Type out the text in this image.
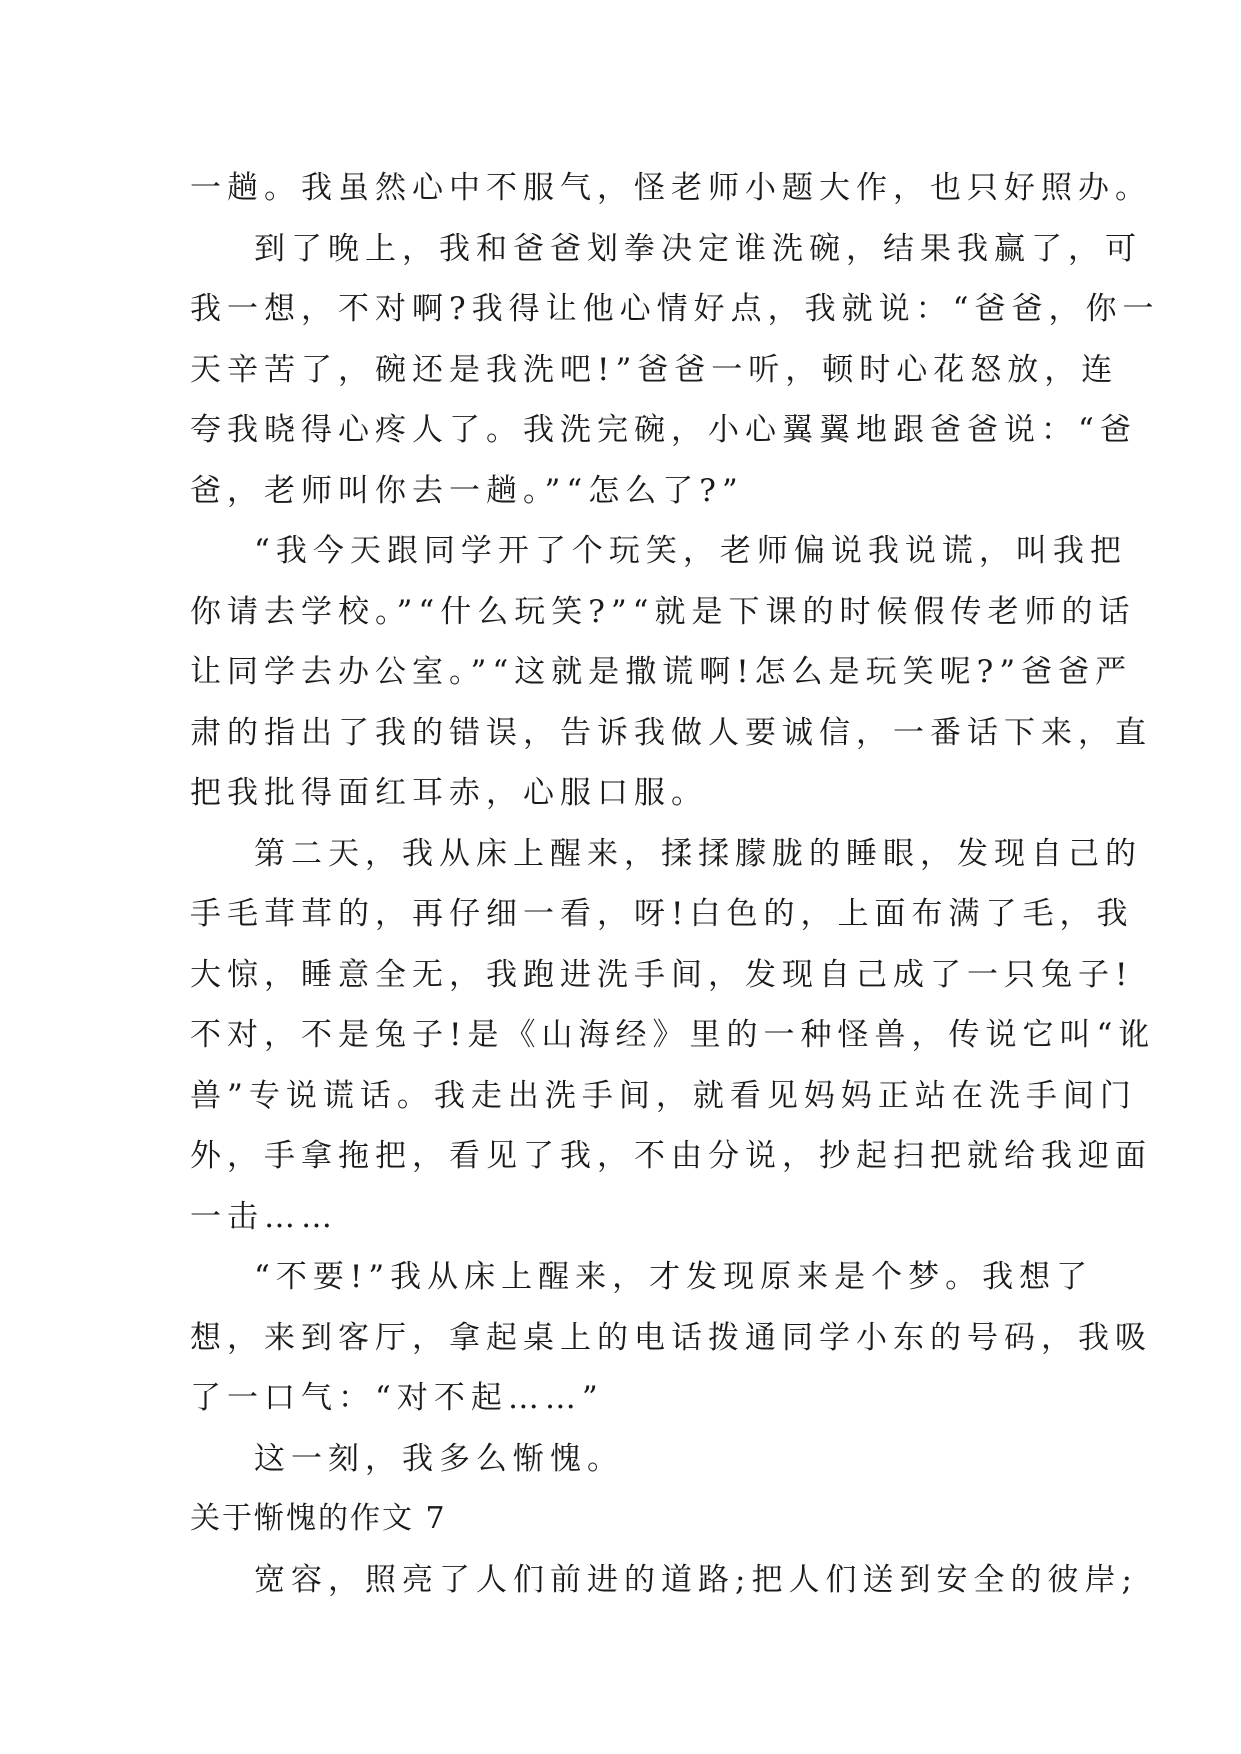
一趟。我虽然心中不服气，怪老师小题大作，也只好照办。
到了晚上，我和爸爸划拳决定谁洗碗，结果我赢了，可
我一想，不对啊?我得让他心情好点，我就说：“爸爸，你一
天辛苦了，碗还是我洗吧!”爸爸一听，顿时心花怒放，连
夸我晓得心疼人了。我洗完碗，小心翼翼地跟爸爸说：“爸
爸，老师叫你去一趟。”“怎么了?”
“我今天跟同学开了个玩笑，老师偏说我说谎，叫我把
你请去学校。”“什么玩笑?”“就是下课的时候假传老师的话
让同学去办公室。”“这就是撒谎啊!怎么是玩笑呢?”爸爸严
肃的指出了我的错误，告诉我做人要诚信，一番话下来，直
把我批得面红耳赤，心服口服。
第二天，我从床上醒来，揉揉朦胧的睡眼，发现自己的
手毛茸茸的，再仔细一看，呀!白色的，上面布满了毛，我
大惊，睡意全无，我跑进洗手间，发现自己成了一只兔子!
不对，不是兔子!是《山海经》里的一种怪兽，传说它叫“讹
兽”专说谎话。我走出洗手间，就看见妈妈正站在洗手间门
外，手拿拖把，看见了我，不由分说，抄起扫把就给我迎面
一击……
“不要!”我从床上醒来，才发现原来是个梦。我想了
想，来到客厅，拿起桌上的电话拨通同学小东的号码，我吸
了一口气：“对不起……”
这一刻，我多么惭愧。
关于惭愧的作文 7
宽容，照亮了人们前进的道路;把人们送到安全的彼岸;
